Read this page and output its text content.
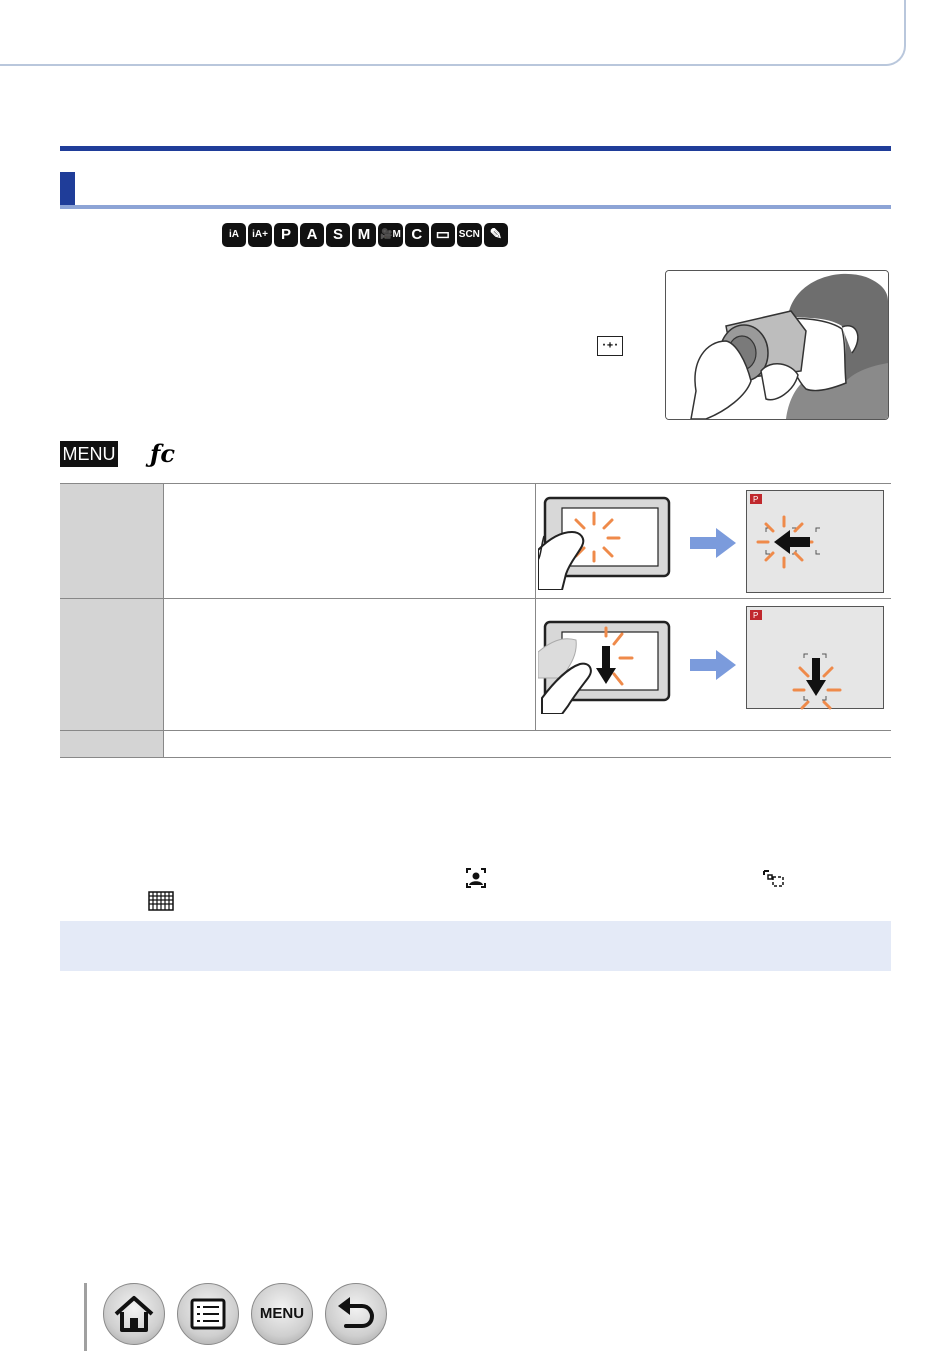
iA	iA+ P	A	S M 🎥M C ▭ SCN ✎
·+·
MENU ƒc
P
P
MENU
